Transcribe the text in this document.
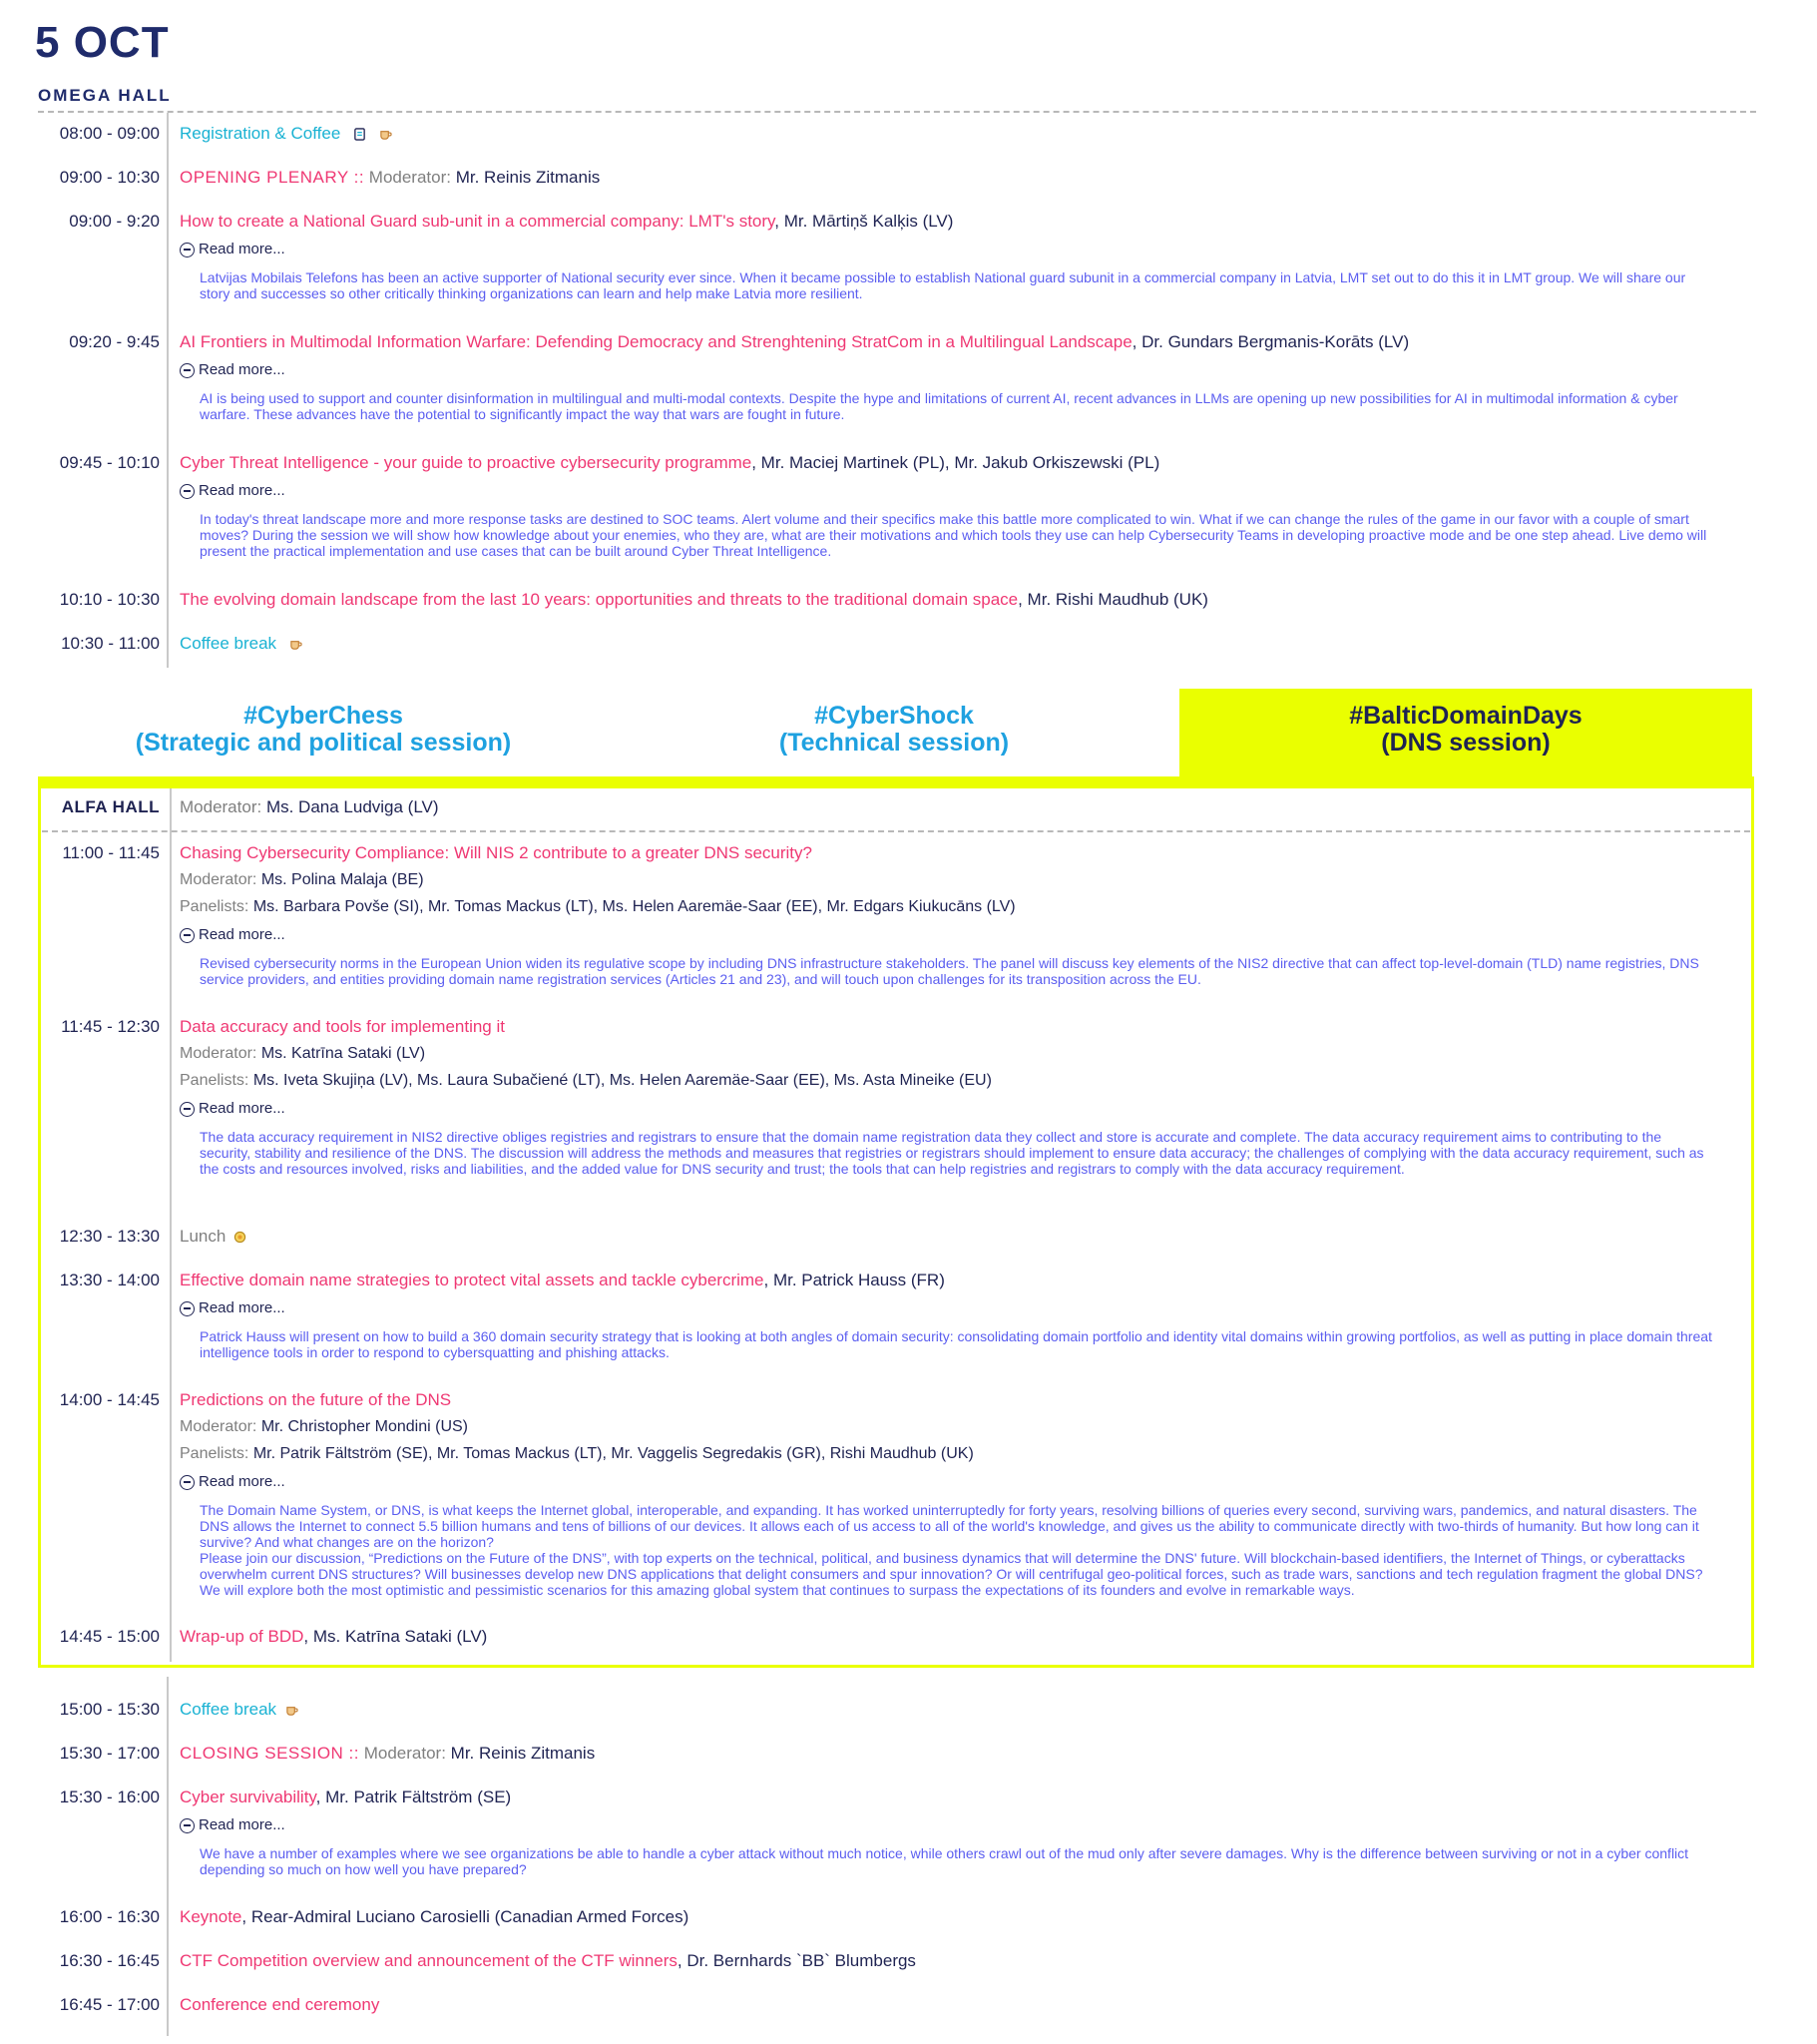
5 OCT
OMEGA HALL
08:00 - 09:00 Registration & Coffee
09:00 - 10:30 OPENING PLENARY :: Moderator: Mr. Reinis Zitmanis
09:00 - 9:20 How to create a National Guard sub-unit in a commercial company: LMT's story, Mr. Mārtiņš Kalķis (LV)
Read more...
Latvijas Mobilais Telefons has been an active supporter of National security ever since. When it became possible to establish National guard subunit in a commercial company in Latvia, LMT set out to do this it in LMT group. We will share our story and successes so other critically thinking organizations can learn and help make Latvia more resilient.
09:20 - 9:45 AI Frontiers in Multimodal Information Warfare: Defending Democracy and Strenghtening StratCom in a Multilingual Landscape, Dr. Gundars Bergmanis-Korāts (LV)
Read more...
AI is being used to support and counter disinformation in multilingual and multi-modal contexts. Despite the hype and limitations of current AI, recent advances in LLMs are opening up new possibilities for AI in multimodal information & cyber warfare. These advances have the potential to significantly impact the way that wars are fought in future.
09:45 - 10:10 Cyber Threat Intelligence - your guide to proactive cybersecurity programme, Mr. Maciej Martinek (PL), Mr. Jakub Orkiszewski (PL)
Read more...
In today's threat landscape more and more response tasks are destined to SOC teams. Alert volume and their specifics make this battle more complicated to win. What if we can change the rules of the game in our favor with a couple of smart moves? During the session we will show how knowledge about your enemies, who they are, what are their motivations and which tools they use can help Cybersecurity Teams in developing proactive mode and be one step ahead. Live demo will present the practical implementation and use cases that can be built around Cyber Threat Intelligence.
10:10 - 10:30 The evolving domain landscape from the last 10 years: opportunities and threats to the traditional domain space, Mr. Rishi Maudhub (UK)
10:30 - 11:00 Coffee break
#CyberChess
(Strategic and political session)
#CyberShock
(Technical session)
#BalticDomainDays
(DNS session)
ALFA HALL Moderator: Ms. Dana Ludviga (LV)
11:00 - 11:45 Chasing Cybersecurity Compliance: Will NIS 2 contribute to a greater DNS security?
Moderator: Ms. Polina Malaja (BE)
Panelists: Ms. Barbara Povše (SI), Mr. Tomas Mackus (LT), Ms. Helen Aaremäe-Saar (EE), Mr. Edgars Kiukucāns (LV)
Read more...
Revised cybersecurity norms in the European Union widen its regulative scope by including DNS infrastructure stakeholders. The panel will discuss key elements of the NIS2 directive that can affect top-level-domain (TLD) name registries, DNS service providers, and entities providing domain name registration services (Articles 21 and 23), and will touch upon challenges for its transposition across the EU.
11:45 - 12:30 Data accuracy and tools for implementing it
Moderator: Ms. Katrīna Sataki (LV)
Panelists: Ms. Iveta Skujiņa (LV), Ms. Laura Subačiené (LT), Ms. Helen Aaremäe-Saar (EE), Ms. Asta Mineike (EU)
Read more...
The data accuracy requirement in NIS2 directive obliges registries and registrars to ensure that the domain name registration data they collect and store is accurate and complete. The data accuracy requirement aims to contributing to the security, stability and resilience of the DNS. The discussion will address the methods and measures that registries or registrars should implement to ensure data accuracy; the challenges of complying with the data accuracy requirement, such as the costs and resources involved, risks and liabilities, and the added value for DNS security and trust; the tools that can help registries and registrars to comply with the data accuracy requirement.
12:30 - 13:30 Lunch
13:30 - 14:00 Effective domain name strategies to protect vital assets and tackle cybercrime, Mr. Patrick Hauss (FR)
Read more...
Patrick Hauss will present on how to build a 360 domain security strategy that is looking at both angles of domain security: consolidating domain portfolio and identity vital domains within growing portfolios, as well as putting in place domain threat intelligence tools in order to respond to cybersquatting and phishing attacks.
14:00 - 14:45 Predictions on the future of the DNS
Moderator: Mr. Christopher Mondini (US)
Panelists: Mr. Patrik Fältström (SE), Mr. Tomas Mackus (LT), Mr. Vaggelis Segredakis (GR), Rishi Maudhub (UK)
Read more...
The Domain Name System, or DNS, is what keeps the Internet global, interoperable, and expanding. It has worked uninterruptedly for forty years, resolving billions of queries every second, surviving wars, pandemics, and natural disasters. The DNS allows the Internet to connect 5.5 billion humans and tens of billions of our devices. It allows each of us access to all of the world's knowledge, and gives us the ability to communicate directly with two-thirds of humanity. But how long can it survive? And what changes are on the horizon?
Please join our discussion, “Predictions on the Future of the DNS”, with top experts on the technical, political, and business dynamics that will determine the DNS' future. Will blockchain-based identifiers, the Internet of Things, or cyberattacks overwhelm current DNS structures? Will businesses develop new DNS applications that delight consumers and spur innovation? Or will centrifugal geo-political forces, such as trade wars, sanctions and tech regulation fragment the global DNS? We will explore both the most optimistic and pessimistic scenarios for this amazing global system that continues to surpass the expectations of its founders and evolve in remarkable ways.
14:45 - 15:00 Wrap-up of BDD, Ms. Katrīna Sataki (LV)
15:00 - 15:30 Coffee break
15:30 - 17:00 CLOSING SESSION :: Moderator: Mr. Reinis Zitmanis
15:30 - 16:00 Cyber survivability, Mr. Patrik Fältström (SE)
Read more...
We have a number of examples where we see organizations be able to handle a cyber attack without much notice, while others crawl out of the mud only after severe damages. Why is the difference between surviving or not in a cyber conflict depending so much on how well you have prepared?
16:00 - 16:30 Keynote, Rear-Admiral Luciano Carosielli (Canadian Armed Forces)
16:30 - 16:45 CTF Competition overview and announcement of the CTF winners, Dr. Bernhards `BB` Blumbergs
16:45 - 17:00 Conference end ceremony
